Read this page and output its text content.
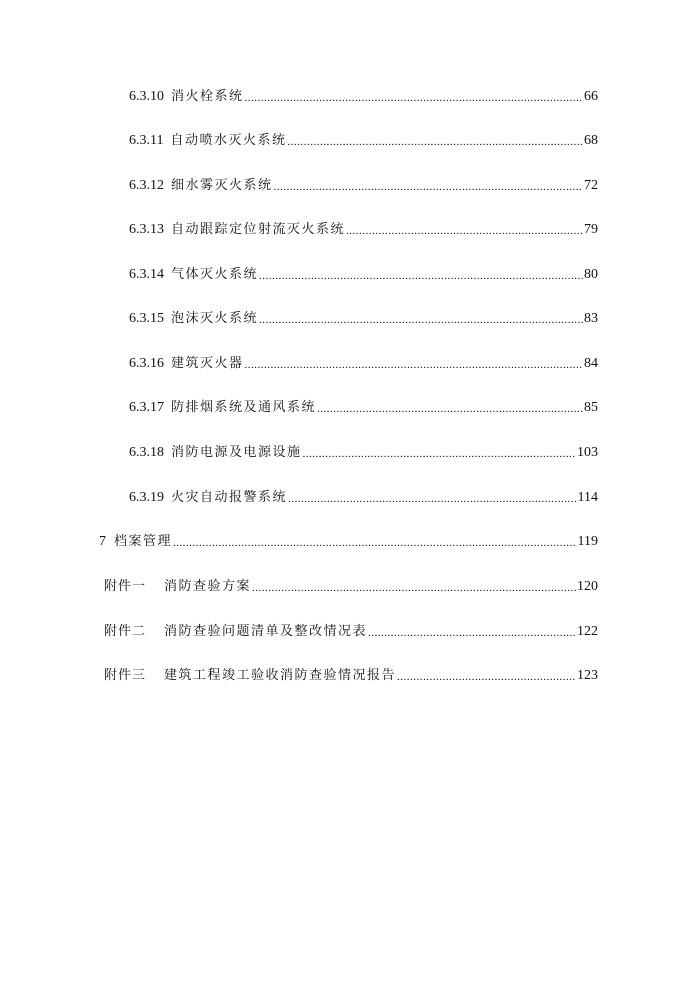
6.3.10 消火栓系统 .....	66
6.3.11 自动喷水灭火系统 .....	68
6.3.12 细水雾灭火系统 .....	72
6.3.13 自动跟踪定位射流灭火系统 .....	79
6.3.14 气体灭火系统 .....	80
6.3.15 泡沫灭火系统 .....	83
6.3.16 建筑灭火器 .....	84
6.3.17 防排烟系统及通风系统 .....	85
6.3.18 消防电源及电源设施 .....	103
6.3.19 火灾自动报警系统 .....	114
7 档案管理 .....	119
附件一 消防查验方案 .....	120
附件二 消防查验问题清单及整改情况表 .....	122
附件三 建筑工程竣工验收消防查验情况报告 .....	123
